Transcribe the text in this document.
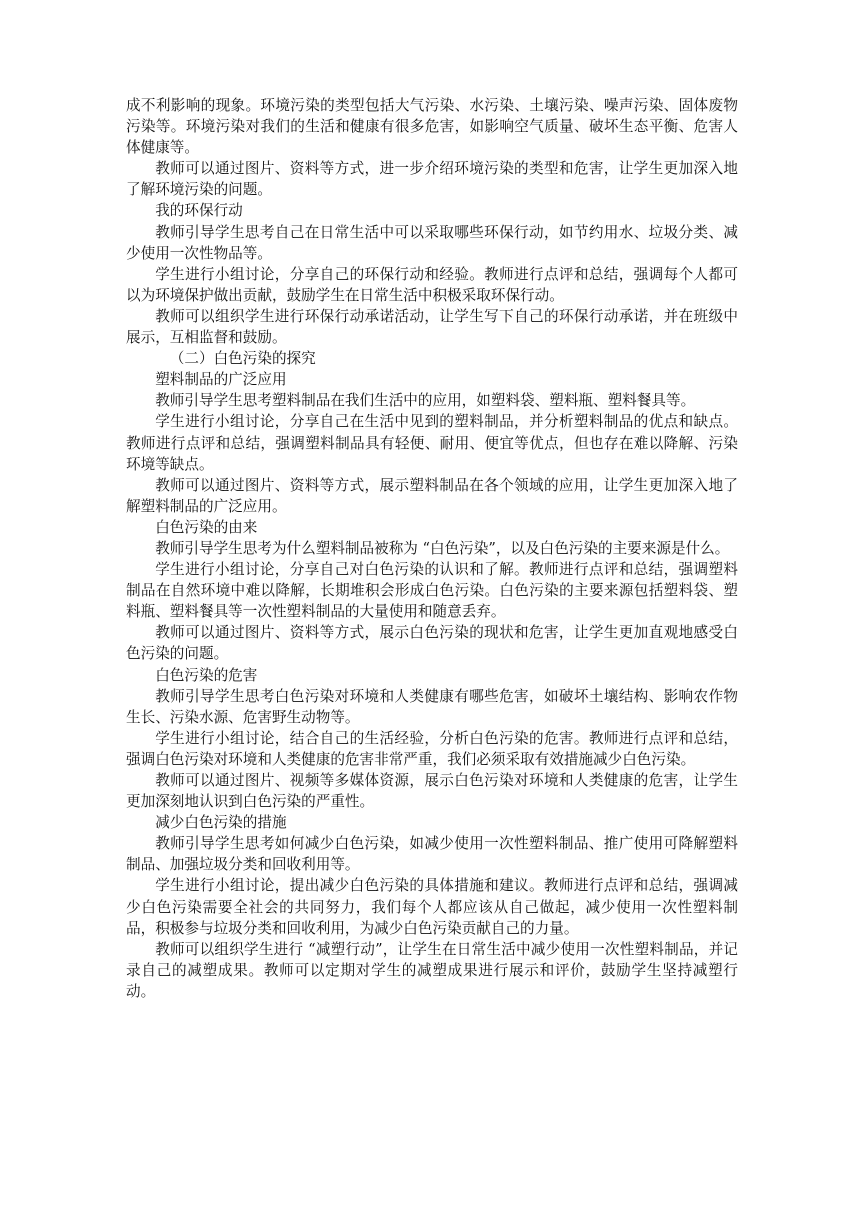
成不利影响的现象。环境污染的类型包括大气污染、水污染、土壤污染、噪声污染、固体废物污染等。环境污染对我们的生活和健康有很多危害，如影响空气质量、破坏生态平衡、危害人体健康等。

教师可以通过图片、资料等方式，进一步介绍环境污染的类型和危害，让学生更加深入地了解环境污染的问题。

我的环保行动

教师引导学生思考自己在日常生活中可以采取哪些环保行动，如节约用水、垃圾分类、减少使用一次性物品等。

学生进行小组讨论，分享自己的环保行动和经验。教师进行点评和总结，强调每个人都可以为环境保护做出贡献，鼓励学生在日常生活中积极采取环保行动。

教师可以组织学生进行环保行动承诺活动，让学生写下自己的环保行动承诺，并在班级中展示，互相监督和鼓励。

（二）白色污染的探究

塑料制品的广泛应用

教师引导学生思考塑料制品在我们生活中的应用，如塑料袋、塑料瓶、塑料餐具等。

学生进行小组讨论，分享自己在生活中见到的塑料制品，并分析塑料制品的优点和缺点。教师进行点评和总结，强调塑料制品具有轻便、耐用、便宜等优点，但也存在难以降解、污染环境等缺点。

教师可以通过图片、资料等方式，展示塑料制品在各个领域的应用，让学生更加深入地了解塑料制品的广泛应用。

白色污染的由来

教师引导学生思考为什么塑料制品被称为 “白色污染”，以及白色污染的主要来源是什么。

学生进行小组讨论，分享自己对白色污染的认识和了解。教师进行点评和总结，强调塑料制品在自然环境中难以降解，长期堆积会形成白色污染。白色污染的主要来源包括塑料袋、塑料瓶、塑料餐具等一次性塑料制品的大量使用和随意丢弃。

教师可以通过图片、资料等方式，展示白色污染的现状和危害，让学生更加直观地感受白色污染的问题。

白色污染的危害

教师引导学生思考白色污染对环境和人类健康有哪些危害，如破坏土壤结构、影响农作物生长、污染水源、危害野生动物等。

学生进行小组讨论，结合自己的生活经验，分析白色污染的危害。教师进行点评和总结，强调白色污染对环境和人类健康的危害非常严重，我们必须采取有效措施减少白色污染。

教师可以通过图片、视频等多媒体资源，展示白色污染对环境和人类健康的危害，让学生更加深刻地认识到白色污染的严重性。

减少白色污染的措施

教师引导学生思考如何减少白色污染，如减少使用一次性塑料制品、推广使用可降解塑料制品、加强垃圾分类和回收利用等。

学生进行小组讨论，提出减少白色污染的具体措施和建议。教师进行点评和总结，强调减少白色污染需要全社会的共同努力，我们每个人都应该从自己做起，减少使用一次性塑料制品，积极参与垃圾分类和回收利用，为减少白色污染贡献自己的力量。

教师可以组织学生进行 “减塑行动”，让学生在日常生活中减少使用一次性塑料制品，并记录自己的减塑成果。教师可以定期对学生的减塑成果进行展示和评价，鼓励学生坚持减塑行动。
